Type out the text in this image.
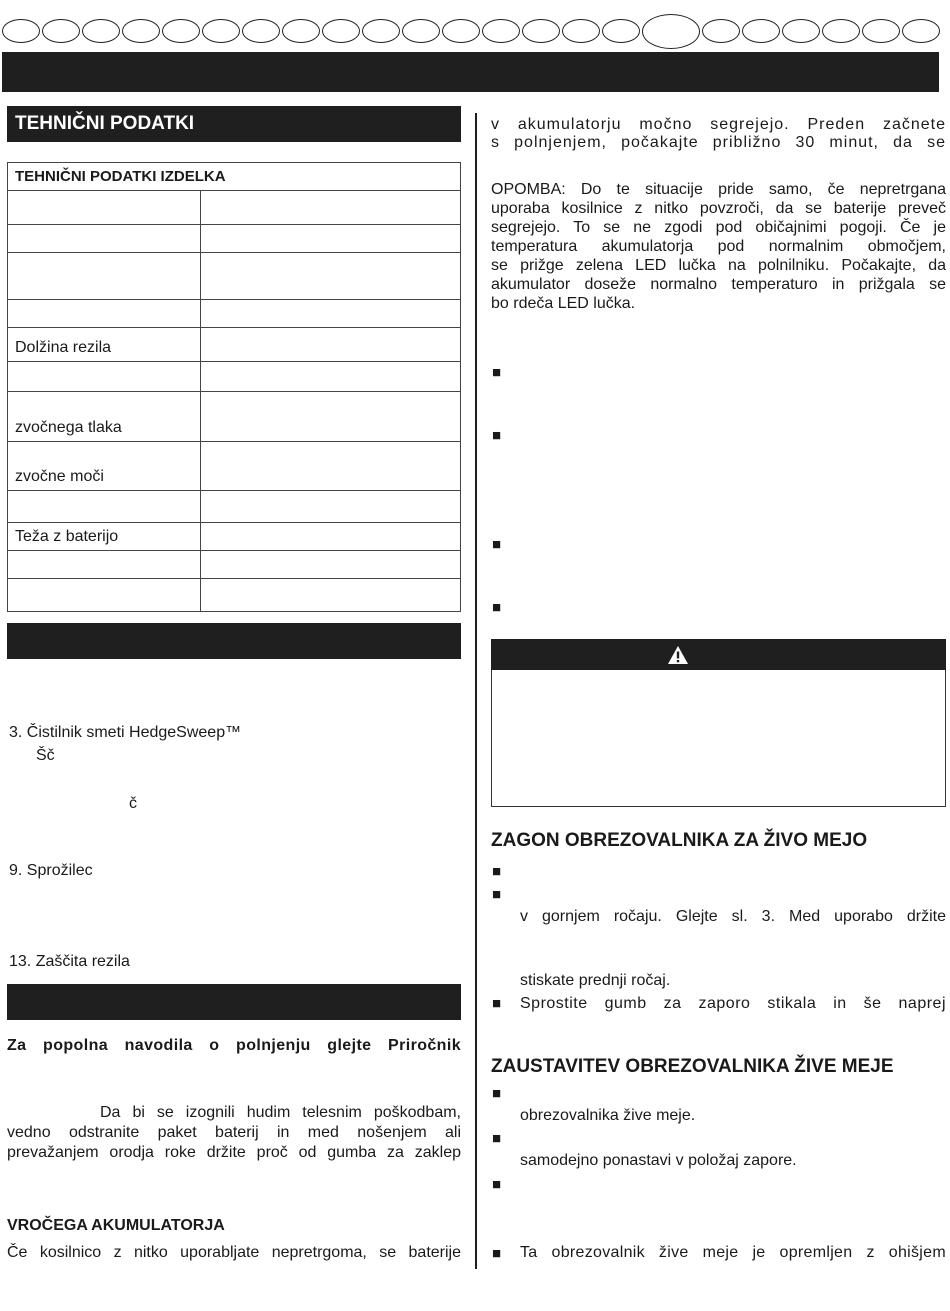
TEHNIČNI PODATKI
TEHNIČNI PODATKI IZDELKA	

Dolžina rezila	

zvočnega tlaka	
zvočne moči	

Teža z baterijo	

3. Čistilnik smeti HedgeSweep™
Šč
č
9. Sprožilec
13. Zaščita rezila
Za popolna navodila o polnjenju glejte Priročnik
Da bi se izognili hudim telesnim poškodbam,
vedno odstranite paket baterij in med nošenjem ali
prevažanjem orodja roke držite proč od gumba za zaklep
VROČEGA AKUMULATORJA
Če kosilnico z nitko uporabljate nepretrgoma, se baterije
v akumulatorju močno segrejejo. Preden začnete
s polnjenjem, počakajte približno 30 minut, da se
OPOMBA: Do te situacije pride samo, če nepretrgana
uporaba kosilnice z nitko povzroči, da se baterije preveč
segrejejo. To se ne zgodi pod običajnimi pogoji. Če je
temperatura akumulatorja pod normalnim območjem,
se prižge zelena LED lučka na polnilniku. Počakajte, da
akumulator doseže normalno temperaturo in prižgala se
bo rdeča LED lučka.
■
■
■
■
ZAGON OBREZOVALNIKA ZA ŽIVO MEJO
■
■
v gornjem ročaju. Glejte sl. 3. Med uporabo držite
stiskate prednji ročaj.
■ Sprostite gumb za zaporo stikala in še naprej
ZAUSTAVITEV OBREZOVALNIKA ŽIVE MEJE
■
obrezovalnika žive meje.
■
samodejno ponastavi v položaj zapore.
■
■ Ta obrezovalnik žive meje je opremljen z ohišjem
